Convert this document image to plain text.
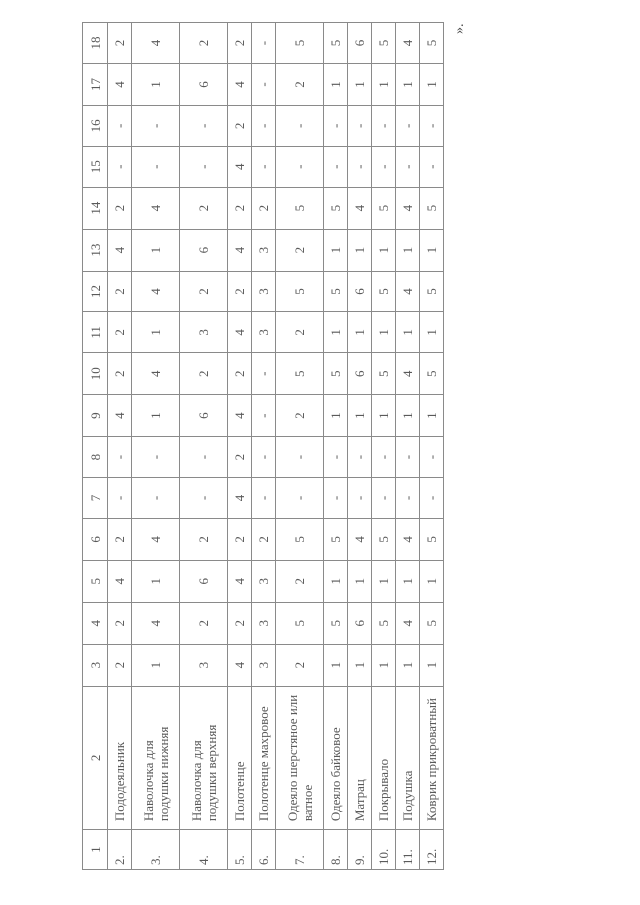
1	2	3	4	5	6	7	8	9	10	11	12	13	14	15	16	17	18
2.	Пододеяльник	2	2	4	2	-	-	4	2	2	2	4	2	-	-	4	2
3.	Наволочка для подушки нижняя	1	4	1	4	-	-	1	4	1	4	1	4	-	-	1	4
4.	Наволочка для подушки верхняя	3	2	6	2	-	-	6	2	3	2	6	2	-	-	6	2
5.	Полотенце	4	2	4	2	4	2	4	2	4	2	4	2	4	2	4	2
6.	Полотенце махровое	3	3	3	2	-	-	-	-	3	3	3	2	-	-	-	-
7.	Одеяло шерстяное или ватное	2	5	2	5	-	-	2	5	2	5	2	5	-	-	2	5
8.	Одеяло байковое	1	5	1	5	-	-	1	5	1	5	1	5	-	-	1	5
9.	Матрац	1	6	1	4	-	-	1	6	1	6	1	4	-	-	1	6
10.	Покрывало	1	5	1	5	-	-	1	5	1	5	1	5	-	-	1	5
11.	Подушка	1	4	1	4	-	-	1	4	1	4	1	4	-	-	1	4
12.	Коврик прикроватный	1	5	1	5	-	-	1	5	1	5	1	5	-	-	1	5
».
